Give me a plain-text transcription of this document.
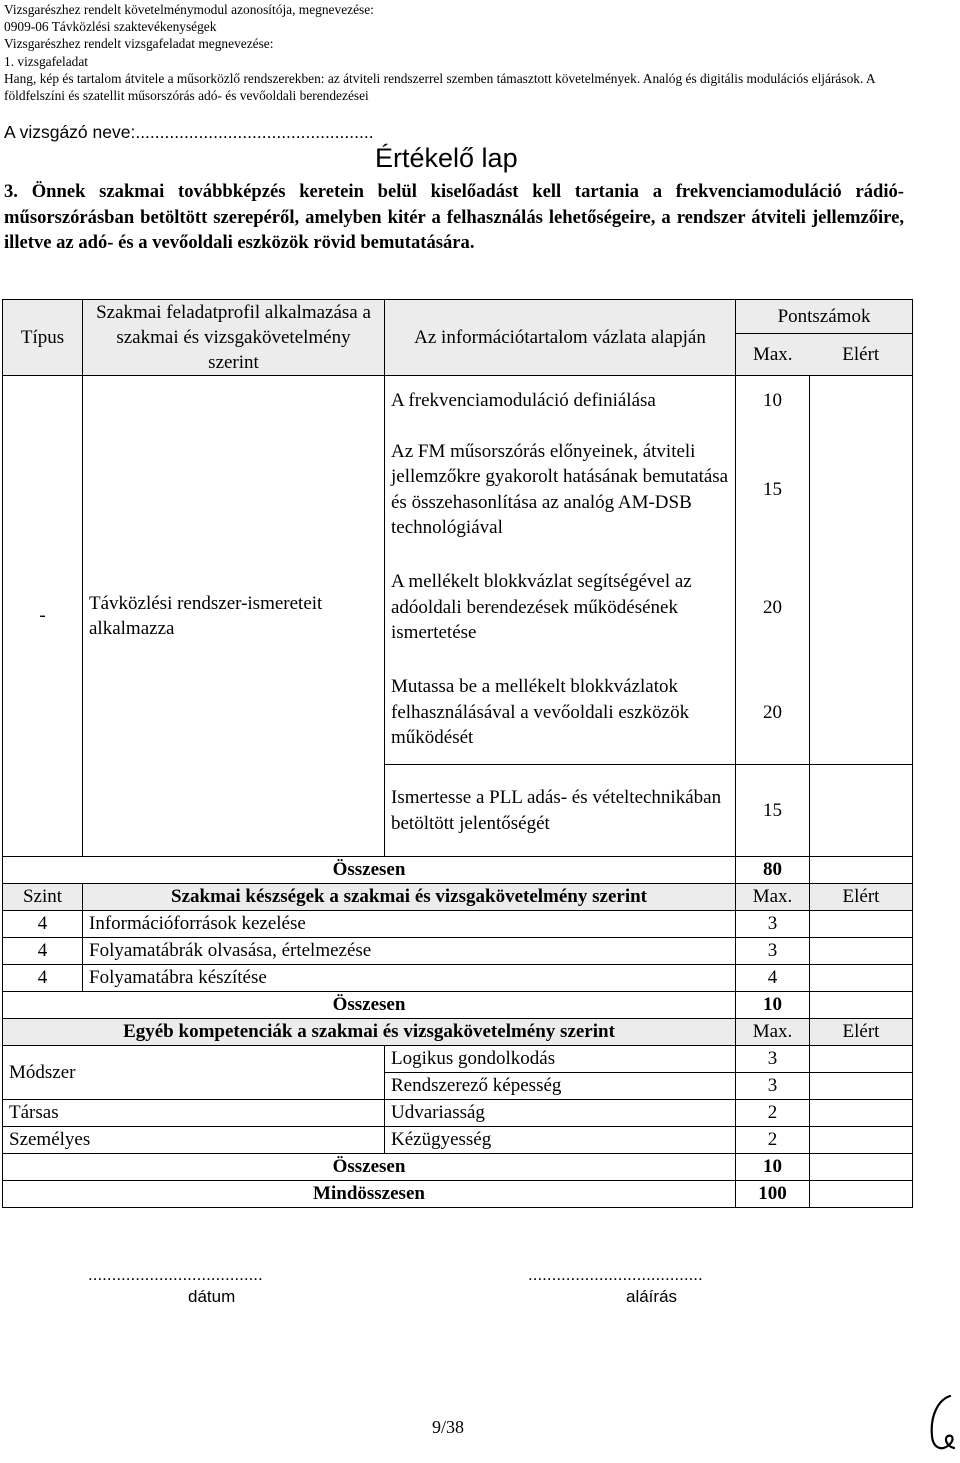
Vizsgarészhez rendelt követelménymodul azonosítója, megnevezése:
0909-06 Távközlési szaktevékenységek
Vizsgarészhez rendelt vizsgafeladat megnevezése:
1. vizsgafeladat
Hang, kép és tartalom átvitele a műsorközlő rendszerekben: az átviteli rendszerrel szemben támasztott követelmények. Analóg és digitális modulációs eljárások. A földfelszíni és szatellit műsorszórás adó- és vevőoldali berendezései
A vizsgázó neve:.................................................
Értékelő lap
3. Önnek szakmai továbbképzés keretein belül kiselőadást kell tartania a frekvenciamoduláció rádió-műsorszórásban betöltött szerepéről, amelyben kitér a felhasználás lehetőségeire, a rendszer átviteli jellemzőire, illetve az adó- és a vevőoldali eszközök rövid bemutatására.
Típus	Szakmai feladatprofil alkalmazása a szakmai és vizsgakövetelmény szerint	Az információtartalom vázlata alapján	Pontszámok	
			Max.	Elért
-	Távközlési rendszer-ismereteit alkalmazza	A frekvenciamoduláció definiálása	10	
		Az FM műsorszórás előnyeinek, átviteli jellemzőkre gyakorolt hatásának bemutatása és összehasonlítása az analóg AM-DSB technológiával	15	
		A mellékelt blokkvázlat segítségével az adóoldali berendezések működésének ismertetése	20	
		Mutassa be a mellékelt blokkvázlatok felhasználásával a vevőoldali eszközök működését	20	
		Ismertesse a PLL adás- és vételtechnikában betöltött jelentőségét	15	
Összesen			80	
Szint	Szakmai készségek a szakmai és vizsgakövetelmény szerint		Max.	Elért
4	Információforrások kezelése		3	
4	Folyamatábrák olvasása, értelmezése		3	
4	Folyamatábra készítése		4	
Összesen			10	
Egyéb kompetenciák a szakmai és vizsgakövetelmény szerint			Max.	Elért
Módszer		Logikus gondolkodás	3	
		Rendszerező képesség	3	
Társas		Udvariasság	2	
Személyes		Kézügyesség	2	
Összesen			10	
Mindösszesen			100	
.....................................
dátum
.....................................
aláírás
9/38
